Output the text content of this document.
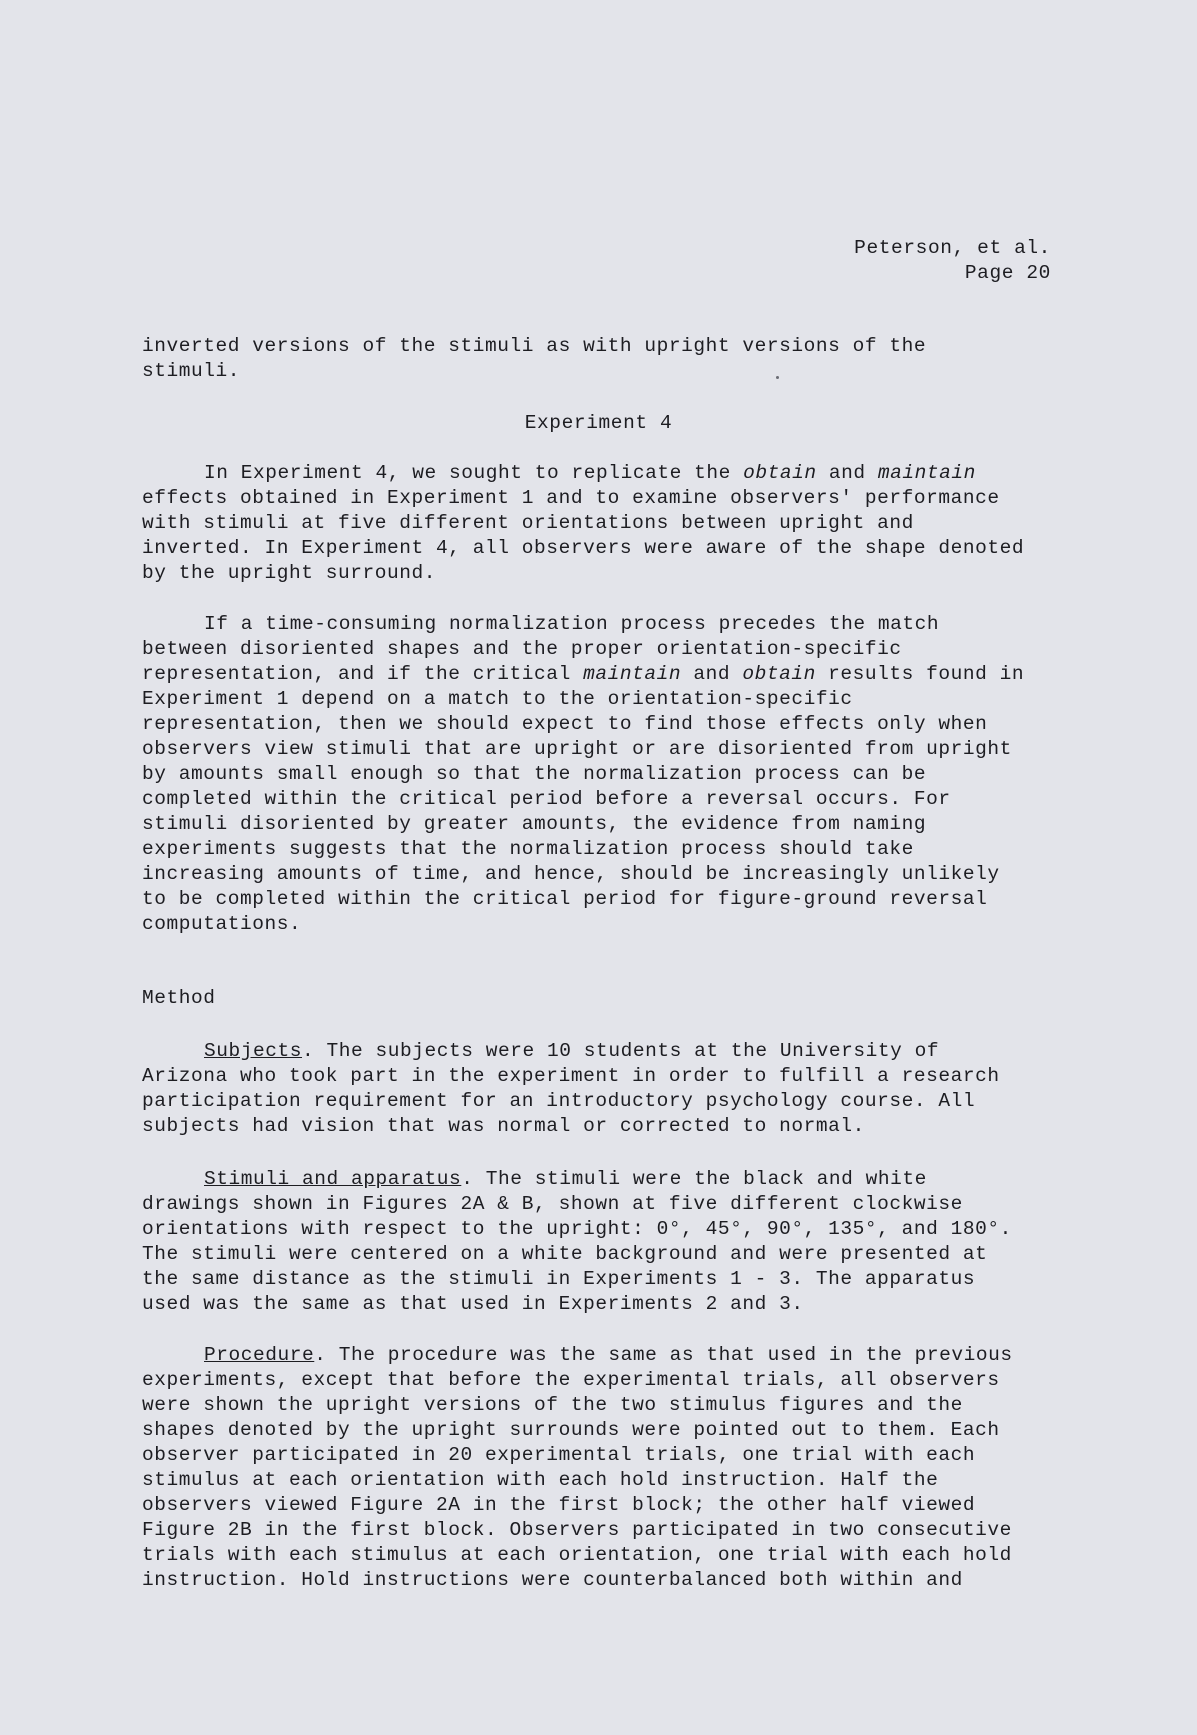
Peterson, et al.
Page 20
inverted versions of the stimuli as with upright versions of the
stimuli.
Experiment 4
In Experiment 4, we sought to replicate the obtain and maintain
effects obtained in Experiment 1 and to examine observers' performance
with stimuli at five different orientations between upright and
inverted. In Experiment 4, all observers were aware of the shape denoted
by the upright surround.
If a time-consuming normalization process precedes the match
between disoriented shapes and the proper orientation-specific
representation, and if the critical maintain and obtain results found in
Experiment 1 depend on a match to the orientation-specific
representation, then we should expect to find those effects only when
observers view stimuli that are upright or are disoriented from upright
by amounts small enough so that the normalization process can be
completed within the critical period before a reversal occurs. For
stimuli disoriented by greater amounts, the evidence from naming
experiments suggests that the normalization process should take
increasing amounts of time, and hence, should be increasingly unlikely
to be completed within the critical period for figure-ground reversal
computations.
Method
Subjects. The subjects were 10 students at the University of
Arizona who took part in the experiment in order to fulfill a research
participation requirement for an introductory psychology course. All
subjects had vision that was normal or corrected to normal.
Stimuli and apparatus. The stimuli were the black and white
drawings shown in Figures 2A & B, shown at five different clockwise
orientations with respect to the upright: 0°, 45°, 90°, 135°, and 180°.
The stimuli were centered on a white background and were presented at
the same distance as the stimuli in Experiments 1 - 3. The apparatus
used was the same as that used in Experiments 2 and 3.
Procedure. The procedure was the same as that used in the previous
experiments, except that before the experimental trials, all observers
were shown the upright versions of the two stimulus figures and the
shapes denoted by the upright surrounds were pointed out to them. Each
observer participated in 20 experimental trials, one trial with each
stimulus at each orientation with each hold instruction. Half the
observers viewed Figure 2A in the first block; the other half viewed
Figure 2B in the first block. Observers participated in two consecutive
trials with each stimulus at each orientation, one trial with each hold
instruction. Hold instructions were counterbalanced both within and
